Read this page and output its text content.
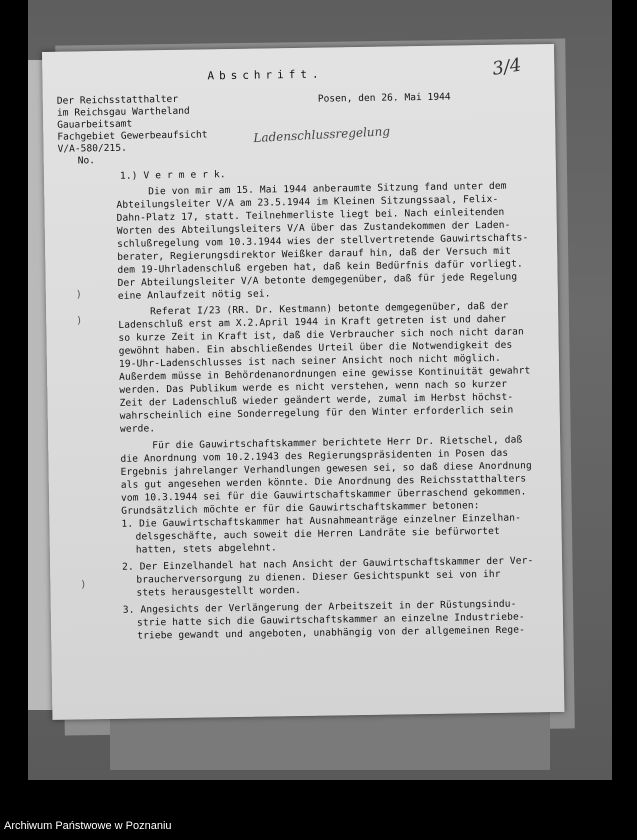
Abschrift.	3/4
Der Reichsstatthalter
im Reichsgau Wartheland
Gauarbeitsamt
Fachgebiet Gewerbeaufsicht
V/A-580/215.
No.
Posen, den 26. Mai 1944
Ladenschlussregelung
)
)
)
1.) V e r m e r k.
Die von mir am 15. Mai 1944 anberaumte Sitzung fand unter dem
Abteilungsleiter V/A am 23.5.1944 im Kleinen Sitzungssaal, Felix-
Dahn-Platz 17, statt. Teilnehmerliste liegt bei. Nach einleitenden
Worten des Abteilungsleiters V/A über das Zustandekommen der Laden-
schlußregelung vom 10.3.1944 wies der stellvertretende Gauwirtschafts-
berater, Regierungsdirektor Weißker darauf hin, daß der Versuch mit
dem 19-Uhrladenschluß ergeben hat, daß kein Bedürfnis dafür vorliegt.
Der Abteilungsleiter V/A betonte demgegenüber, daß für jede Regelung
eine Anlaufzeit nötig sei.
Referat I/23 (RR. Dr. Kestmann) betonte demgegenüber, daß der
Ladenschluß erst am X.2.April 1944 in Kraft getreten ist und daher
so kurze Zeit in Kraft ist, daß die Verbraucher sich noch nicht daran
gewöhnt haben. Ein abschließendes Urteil über die Notwendigkeit des
19-Uhr-Ladenschlusses ist nach seiner Ansicht noch nicht möglich.
Außerdem müsse in Behördenanordnungen eine gewisse Kontinuität gewahrt
werden. Das Publikum werde es nicht verstehen, wenn nach so kurzer
Zeit der Ladenschluß wieder geändert werde, zumal im Herbst höchst-
wahrscheinlich eine Sonderregelung für den Winter erforderlich sein
werde.
Für die Gauwirtschaftskammer berichtete Herr Dr. Rietschel, daß
die Anordnung vom 10.2.1943 des Regierungspräsidenten in Posen das
Ergebnis jahrelanger Verhandlungen gewesen sei, so daß diese Anordnung
als gut angesehen werden könnte. Die Anordnung des Reichsstatthalters
vom 10.3.1944 sei für die Gauwirtschaftskammer überraschend gekommen.
Grundsätzlich möchte er für die Gauwirtschaftskammer betonen:
1. Die Gauwirtschaftskammer hat Ausnahmeanträge einzelner Einzelhan-
delsgeschäfte, auch soweit die Herren Landräte sie befürwortet
hatten, stets abgelehnt.
2. Der Einzelhandel hat nach Ansicht der Gauwirtschaftskammer der Ver-
braucherversorgung zu dienen. Dieser Gesichtspunkt sei von ihr
stets herausgestellt worden.
3. Angesichts der Verlängerung der Arbeitszeit in der Rüstungsindu-
strie hatte sich die Gauwirtschaftskammer an einzelne Industriebe-
triebe gewandt und angeboten, unabhängig von der allgemeinen Rege-
Archiwum Państwowe w Poznaniu
